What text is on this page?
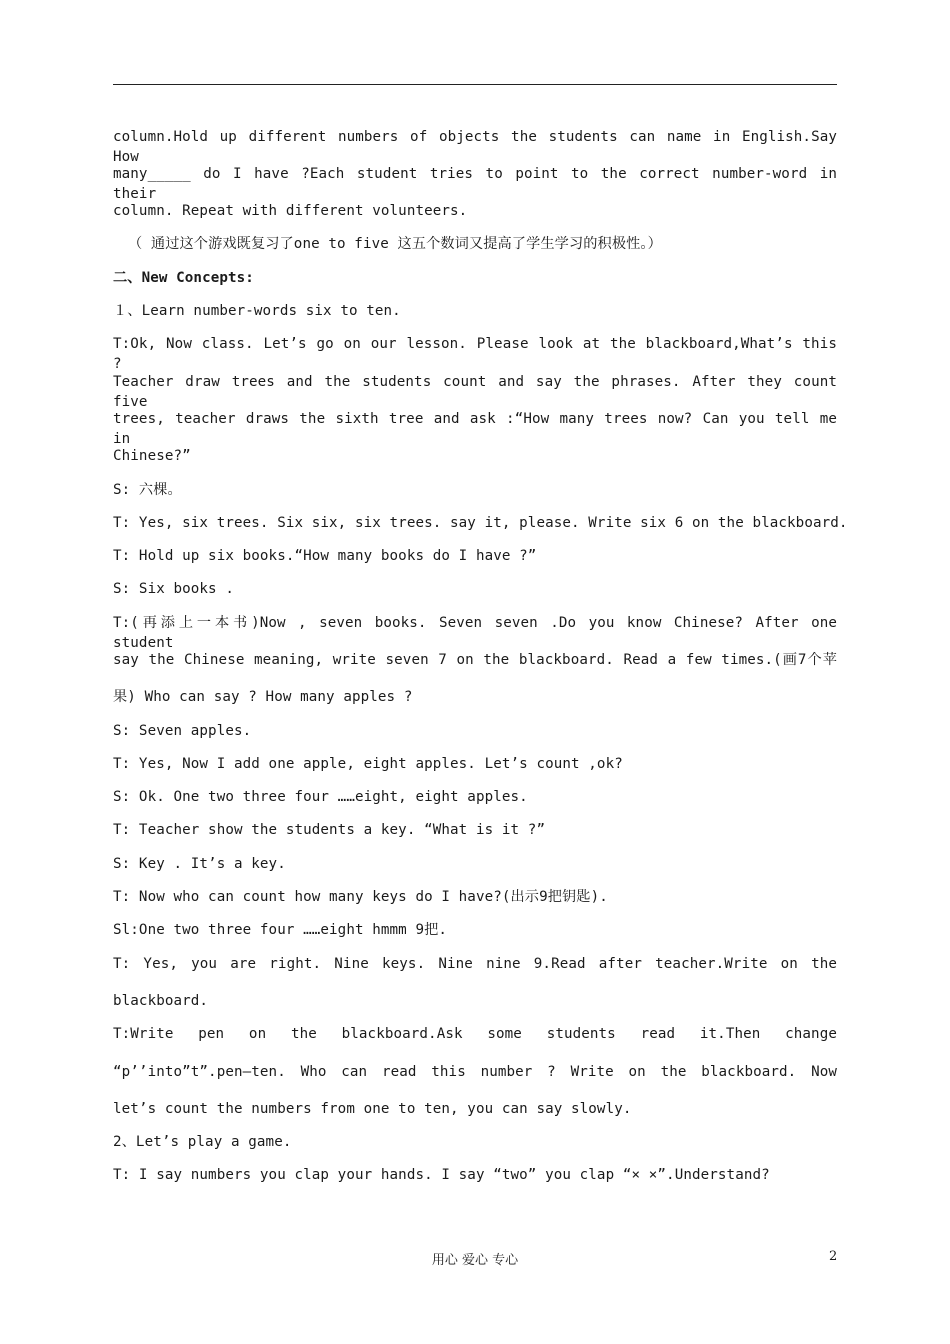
column.Hold up different numbers of objects the students can name in English.Say How

many_____ do I have ?Each student tries to point to the correct number-word in their

column. Repeat with different volunteers.

（ 通过这个游戏既复习了one to five 这五个数词又提高了学生学习的积极性。）

二、New Concepts:

１、Learn number-words six to ten.

T:Ok, Now class. Let’s go on our lesson. Please look at the blackboard,What’s this ?

Teacher draw trees and the students count and say the phrases. After they count five

trees, teacher draws the sixth tree and ask :“How many trees now? Can you tell me in

Chinese?”

S: 六棵。

T: Yes, six trees. Six six, six trees. say it, please. Write six 6 on the blackboard.

T: Hold up six books.“How many books do I have ?”

S: Six books .

T:(再添上一本书)Now , seven books. Seven seven .Do you know Chinese? After one student

say the Chinese meaning, write seven 7 on the blackboard. Read a few times.(画7个苹

果) Who can say ? How many apples ?

S: Seven apples.

T: Yes, Now I add one apple, eight apples. Let’s count ,ok?

S: Ok. One two three four ……eight, eight apples.

T: Teacher show the students a key. “What is it ?”

S: Key . It’s a key.

T: Now who can count how many keys do I have?(出示9把钥匙).

Sl:One two three four ……eight hmmm 9把.

T: Yes, you are right. Nine keys. Nine nine 9.Read after teacher.Write on the

blackboard.

T:Write pen on the blackboard.Ask some students read it.Then change

“p’’into”t”.pen—ten. Who can read this number ? Write on the blackboard. Now

let’s count the numbers from one to ten, you can say slowly.

2、Let’s play a game.

T: I say numbers you clap your hands. I say “two” you clap “× ×”.Understand?

用心 爱心 专心	2
